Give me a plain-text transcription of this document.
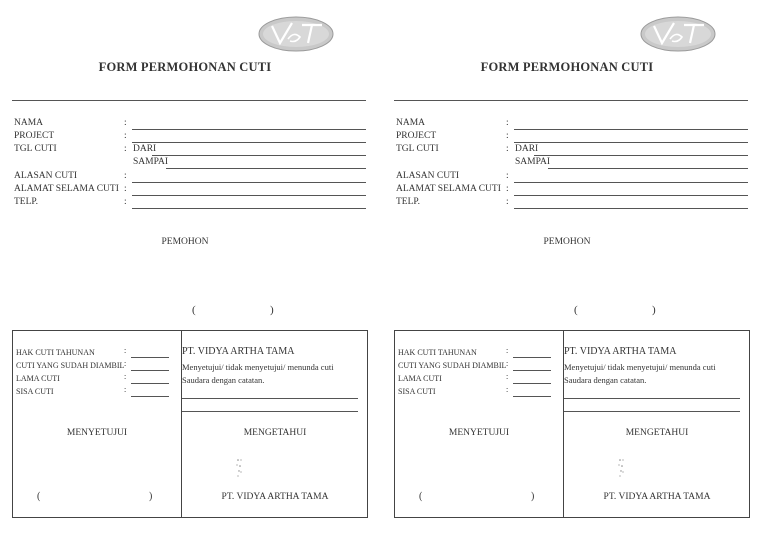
FORM PERMOHONAN CUTI
NAMA	:
PROJECT	:
TGL CUTI	: DARI
SAMPAI
ALASAN CUTI	:
ALAMAT SELAMA CUTI :
TELP.	:
PEMOHON
(	)
HAK CUTI TAHUNAN	:
CUTI YANG SUDAH DIAMBIL :
LAMA CUTI	:
SISA CUTI	:
PT. VIDYA ARTHA TAMA
Menyetujui/ tidak menyetujui/ menunda cuti
Saudara dengan catatan.
MENYETUJUI	MENGETAHUI
(	)	PT. VIDYA ARTHA TAMA
FORM PERMOHONAN CUTI
NAMA	:
PROJECT	:
TGL CUTI	: DARI
SAMPAI
ALASAN CUTI	:
ALAMAT SELAMA CUTI :
TELP.	:
PEMOHON
(	)
HAK CUTI TAHUNAN	:
CUTI YANG SUDAH DIAMBIL :
LAMA CUTI	:
SISA CUTI	:
PT. VIDYA ARTHA TAMA
Menyetujui/ tidak menyetujui/ menunda cuti
Saudara dengan catatan.
MENYETUJUI	MENGETAHUI
(	)	PT. VIDYA ARTHA TAMA
